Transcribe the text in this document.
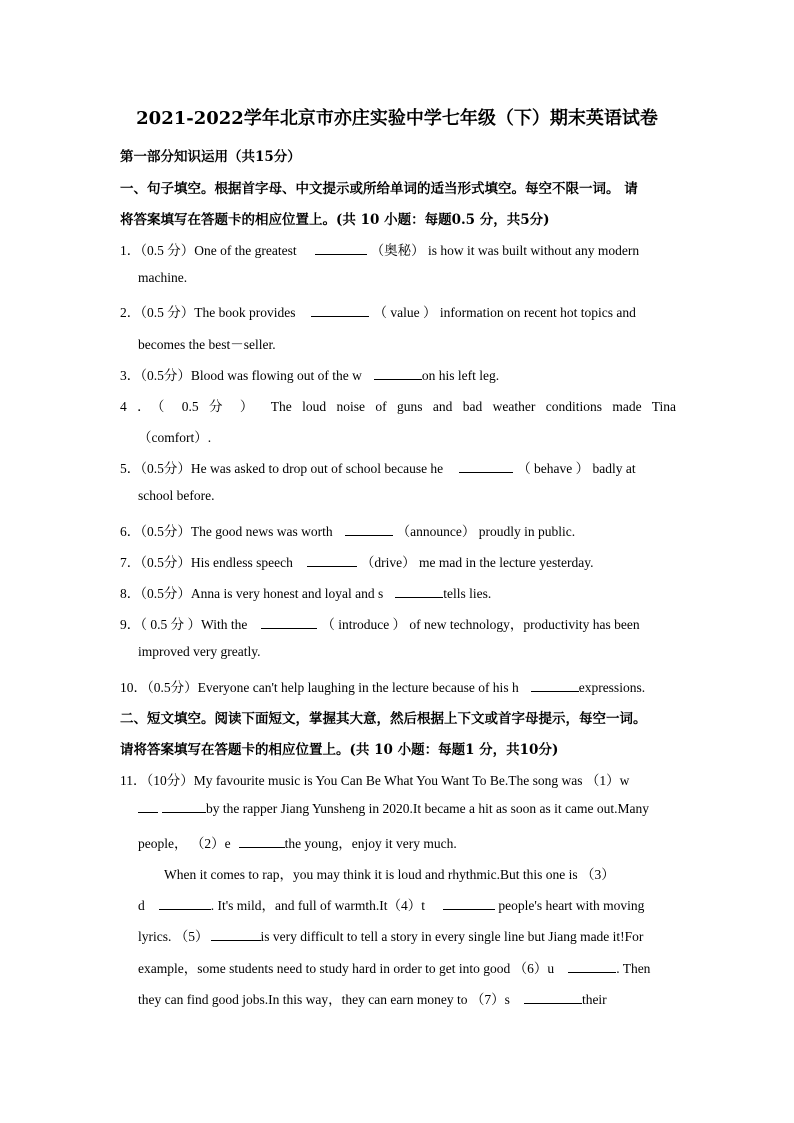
2021-2022学年北京市亦庄实验中学七年级（下）期末英语试卷
第一部分知识运用（共15分）
一、句子填空。根据首字母、中文提示或所给单词的适当形式填空。每空不限一词。 请
将答案填写在答题卡的相应位置上。(共 10 小题：每题0.5 分，共5分)
1．（0.5 分）One of the greatest	（奥秘） is how it was built without any modern
machine.
2．（0.5 分）The book provides	（ value ） information on recent hot topics and
becomes the best－seller.
3．（0.5分）Blood was flowing out of the w	on his left leg.
4 ．（ 0.5 分 ） The loud noise of guns and bad weather conditions made Tina
（comfort）.
5．（0.5分）He was asked to drop out of school because he	（ behave ） badly at
school before.
6．（0.5分）The good news was worth	（announce） proudly in public.
7．（0.5分）His endless speech	（drive） me mad in the lecture yesterday.
8．（0.5分）Anna is very honest and loyal and s	tells lies.
9．（ 0.5 分 ）With the	（ introduce ） of new technology，productivity has been
improved very greatly.
10．（0.5分）Everyone can't help laughing in the lecture because of his h	expressions.
二、短文填空。阅读下面短文，掌握其大意，然后根据上下文或首字母提示，每空一词。
请将答案填写在答题卡的相应位置上。(共 10 小题：每题1 分，共10分)
11．（10分）My favourite music is You Can Be What You Want To Be.The song was （1）w
by the rapper Jiang Yunsheng in 2020.It became a hit as soon as it came out.Many
people， （2）e	the young，enjoy it very much.
When it comes to rap，you may think it is loud and rhythmic.But this one is （3）
d	. It's mild，and full of warmth.It（4）t	people's heart with moving
lyrics. （5）	is very difficult to tell a story in every single line but Jiang made it!For
example，some students need to study hard in order to get into good （6）u	. Then
they can find good jobs.In this way，they can earn money to （7）s	their
